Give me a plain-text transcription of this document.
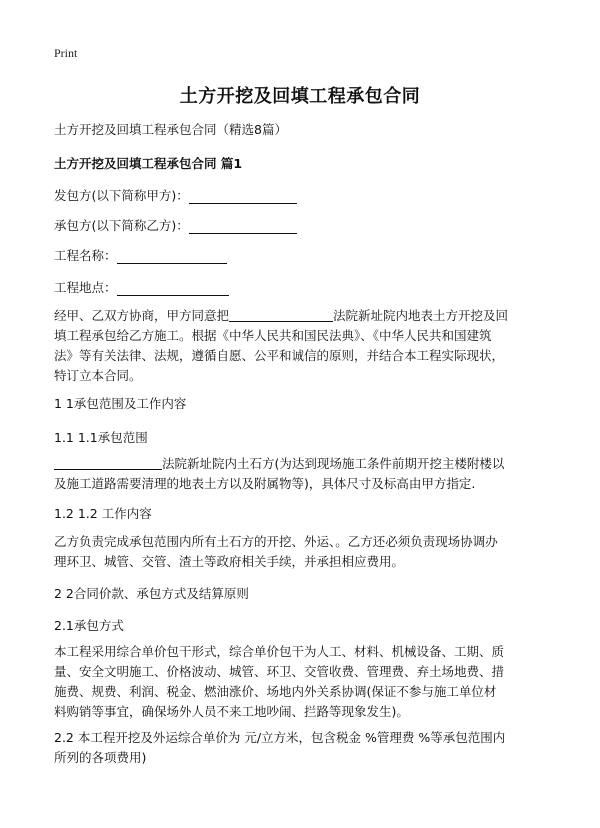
Print
土方开挖及回填工程承包合同
土方开挖及回填工程承包合同（精选8篇）
土方开挖及回填工程承包合同 篇1
发包方(以下简称甲方)：
承包方(以下简称乙方)：
工程名称：
工程地点：
经甲、乙双方协商，甲方同意把	法院新址院内地表土方开挖及回
填工程承包给乙方施工。根据《中华人民共和国民法典》、《中华人民共和国建筑
法》等有关法律、法规，遵循自愿、公平和诚信的原则，并结合本工程实际现状，
特订立本合同。
1 1承包范围及工作内容
1.1 1.1承包范围
法院新址院内土石方(为达到现场施工条件前期开挖主楼附楼以
及施工道路需要清理的地表土方以及附属物等)，具体尺寸及标高由甲方指定.
1.2 1.2 工作内容
乙方负责完成承包范围内所有土石方的开挖、外运、。乙方还必须负责现场协调办
理环卫、城管、交管、渣土等政府相关手续，并承担相应费用。
2 2合同价款、承包方式及结算原则
2.1承包方式
本工程采用综合单价包干形式，综合单价包干为人工、材料、机械设备、工期、质
量、安全文明施工、价格波动、城管、环卫、交管收费、管理费、弃土场地费、措
施费、规费、利润、税金、燃油涨价、场地内外关系协调(保证不参与施工单位材
料购销等事宜，确保场外人员不来工地吵闹、拦路等现象发生)。
2.2 本工程开挖及外运综合单价为 元/立方米，包含税金 %管理费 %等承包范围内
所列的各项费用)
